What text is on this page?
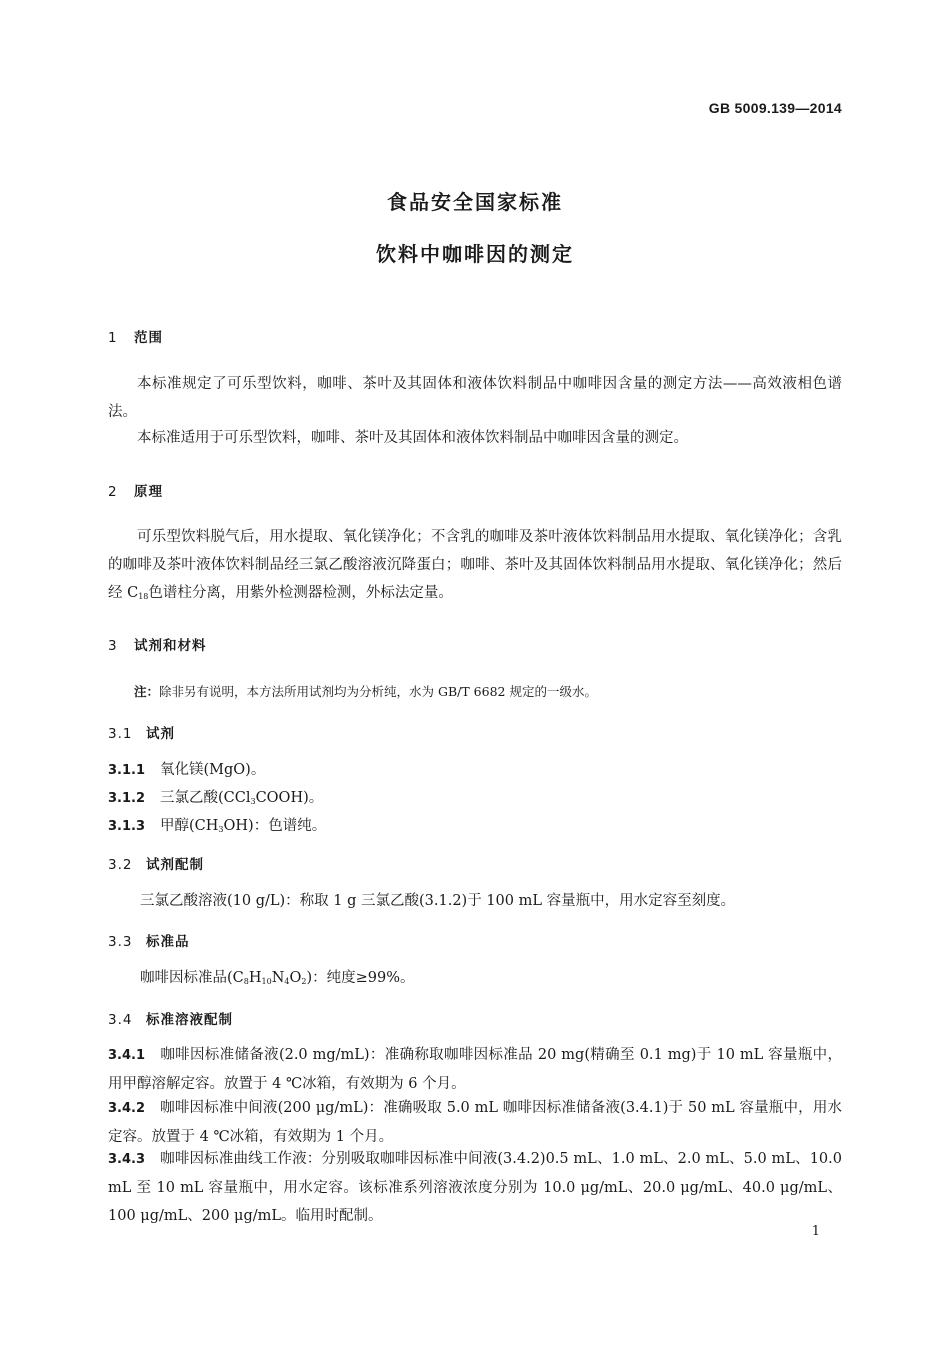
GB 5009.139—2014
食品安全国家标准
饮料中咖啡因的测定
1 范围
本标准规定了可乐型饮料，咖啡、茶叶及其固体和液体饮料制品中咖啡因含量的测定方法——高效液相色谱法。
本标准适用于可乐型饮料，咖啡、茶叶及其固体和液体饮料制品中咖啡因含量的测定。
2 原理
可乐型饮料脱气后，用水提取、氧化镁净化；不含乳的咖啡及茶叶液体饮料制品用水提取、氧化镁净化；含乳的咖啡及茶叶液体饮料制品经三氯乙酸溶液沉降蛋白；咖啡、茶叶及其固体饮料制品用水提取、氧化镁净化；然后经 $C_{18}$色谱柱分离，用紫外检测器检测，外标法定量。
3 试剂和材料
注：除非另有说明，本方法所用试剂均为分析纯，水为 GB/T 6682 规定的一级水。
3.1 试剂
3.1.1 氧化镁(MgO)。
3.1.2 三氯乙酸(CCl$_3$COOH)。
3.1.3 甲醇$(CH_3OH)$：色谱纯。
3.2 试剂配制
三氯乙酸溶液(10 g/L)：称取 1 g 三氯乙酸(3.1.2)于 100 mL 容量瓶中，用水定容至刻度。
3.3 标准品
咖啡因标准品$(C_8H_{10}N_4O_2)$：纯度≥99%。
3.4 标准溶液配制
3.4.1 咖啡因标准储备液(2.0 mg/mL)：准确称取咖啡因标准品 20 mg(精确至 0.1 mg)于 10 mL 容量瓶中，用甲醇溶解定容。放置于 4 ℃冰箱，有效期为 6 个月。
3.4.2 咖啡因标准中间液(200 μg/mL)：准确吸取 5.0 mL 咖啡因标准储备液(3.4.1)于 50 mL 容量瓶中，用水定容。放置于 4 ℃冰箱，有效期为 1 个月。
3.4.3 咖啡因标准曲线工作液：分别吸取咖啡因标准中间液(3.4.2)0.5 mL、1.0 mL、2.0 mL、5.0 mL、10.0 mL 至 10 mL 容量瓶中，用水定容。该标准系列溶液浓度分别为 10.0 μg/mL、20.0 μg/mL、40.0 μg/mL、100 μg/mL、200 μg/mL。临用时配制。
1
